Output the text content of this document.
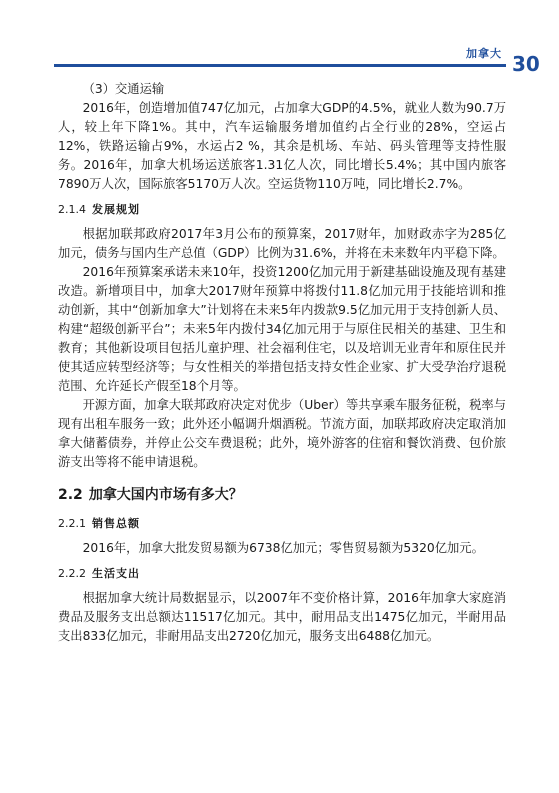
加拿大 30
（3）交通运输

2016年，创造增加值747亿加元，占加拿大GDP的4.5%，就业人数为90.7万人，较上年下降1%。其中，汽车运输服务增加值约占全行业的28%，空运占12%，铁路运输占9%，水运占2 %，其余是机场、车站、码头管理等支持性服务。2016年，加拿大机场运送旅客1.31亿人次，同比增长5.4%；其中国内旅客7890万人次，国际旅客5170万人次。空运货物110万吨，同比增长2.7%。

2.1.4 发展规划

根据加联邦政府2017年3月公布的预算案，2017财年，加财政赤字为285亿加元，债务与国内生产总值（GDP）比例为31.6%，并将在未来数年内平稳下降。

2016年预算案承诺未来10年，投资1200亿加元用于新建基础设施及现有基建改造。新增项目中，加拿大2017财年预算中将拨付11.8亿加元用于技能培训和推动创新，其中“创新加拿大”计划将在未来5年内拨款9.5亿加元用于支持创新人员、构建“超级创新平台”；未来5年内拨付34亿加元用于与原住民相关的基建、卫生和教育；其他新设项目包括儿童护理、社会福利住宅，以及培训无业青年和原住民并使其适应转型经济等；与女性相关的举措包括支持女性企业家、扩大受孕治疗退税范围、允许延长产假至18个月等。

开源方面，加拿大联邦政府决定对优步（Uber）等共享乘车服务征税，税率与现有出租车服务一致；此外还小幅调升烟酒税。节流方面，加联邦政府决定取消加拿大储蓄债券，并停止公交车费退税；此外，境外游客的住宿和餐饮消费、包价旅游支出等将不能申请退税。

2.2 加拿大国内市场有多大？
2.2.1 销售总额

2016年，加拿大批发贸易额为6738亿加元；零售贸易额为5320亿加元。

2.2.2 生活支出

根据加拿大统计局数据显示，以2007年不变价格计算，2016年加拿大家庭消费品及服务支出总额达11517亿加元。其中，耐用品支出1475亿加元，半耐用品支出833亿加元，非耐用品支出2720亿加元，服务支出6488亿加元。
